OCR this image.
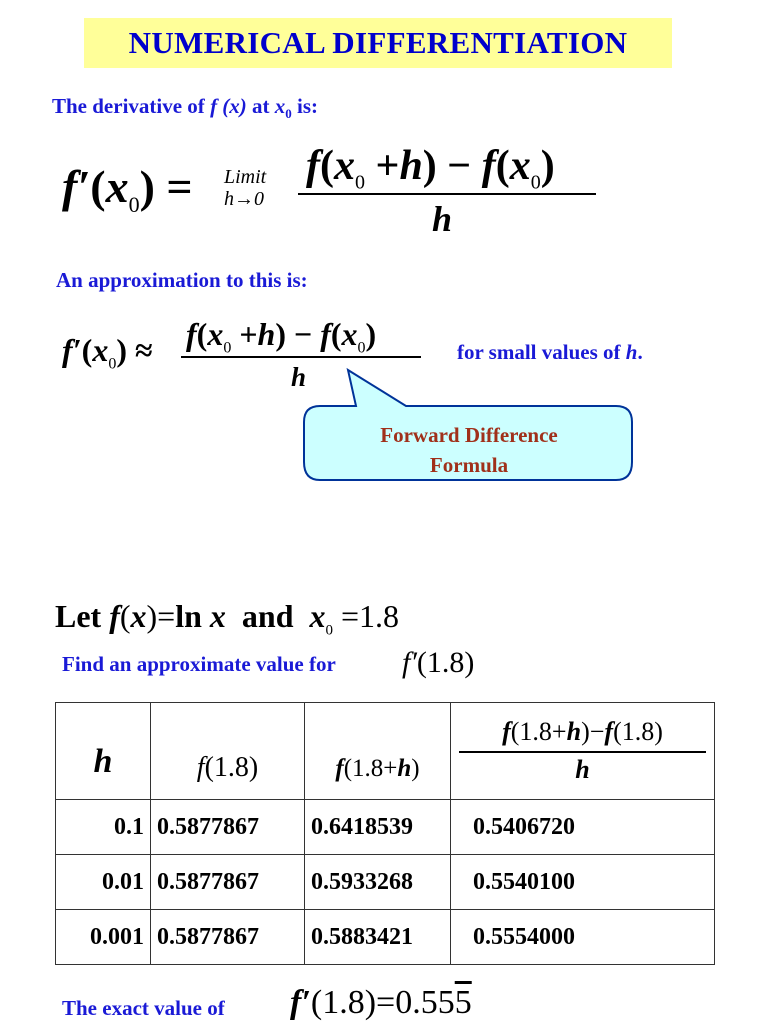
NUMERICAL DIFFERENTIATION
The derivative of f (x) at $x_0$ is:
$f'(x_0)$ = Limit
h→0
$f(x_0 +h) - f(x_0)$
h
An approximation to this is:
$f'(x_0) \approx f(x_0 +h) - f(x_0)$
h
for small values of h.
Forward Difference
Formula
Let f(x)=ln x and $x_0 =1.8$
Find an approximate value for f′(1.8)
h	f(1.8)	f(1.8+h)	f(1.8+h)−f(1.8)
h

0.1	0.5877867	0.6418539	0.5406720
0.01	0.5877867	0.5933268	0.5540100
0.001	0.5877867	0.5883421	0.5554000
The exact value of f′(1.8)=0.555
